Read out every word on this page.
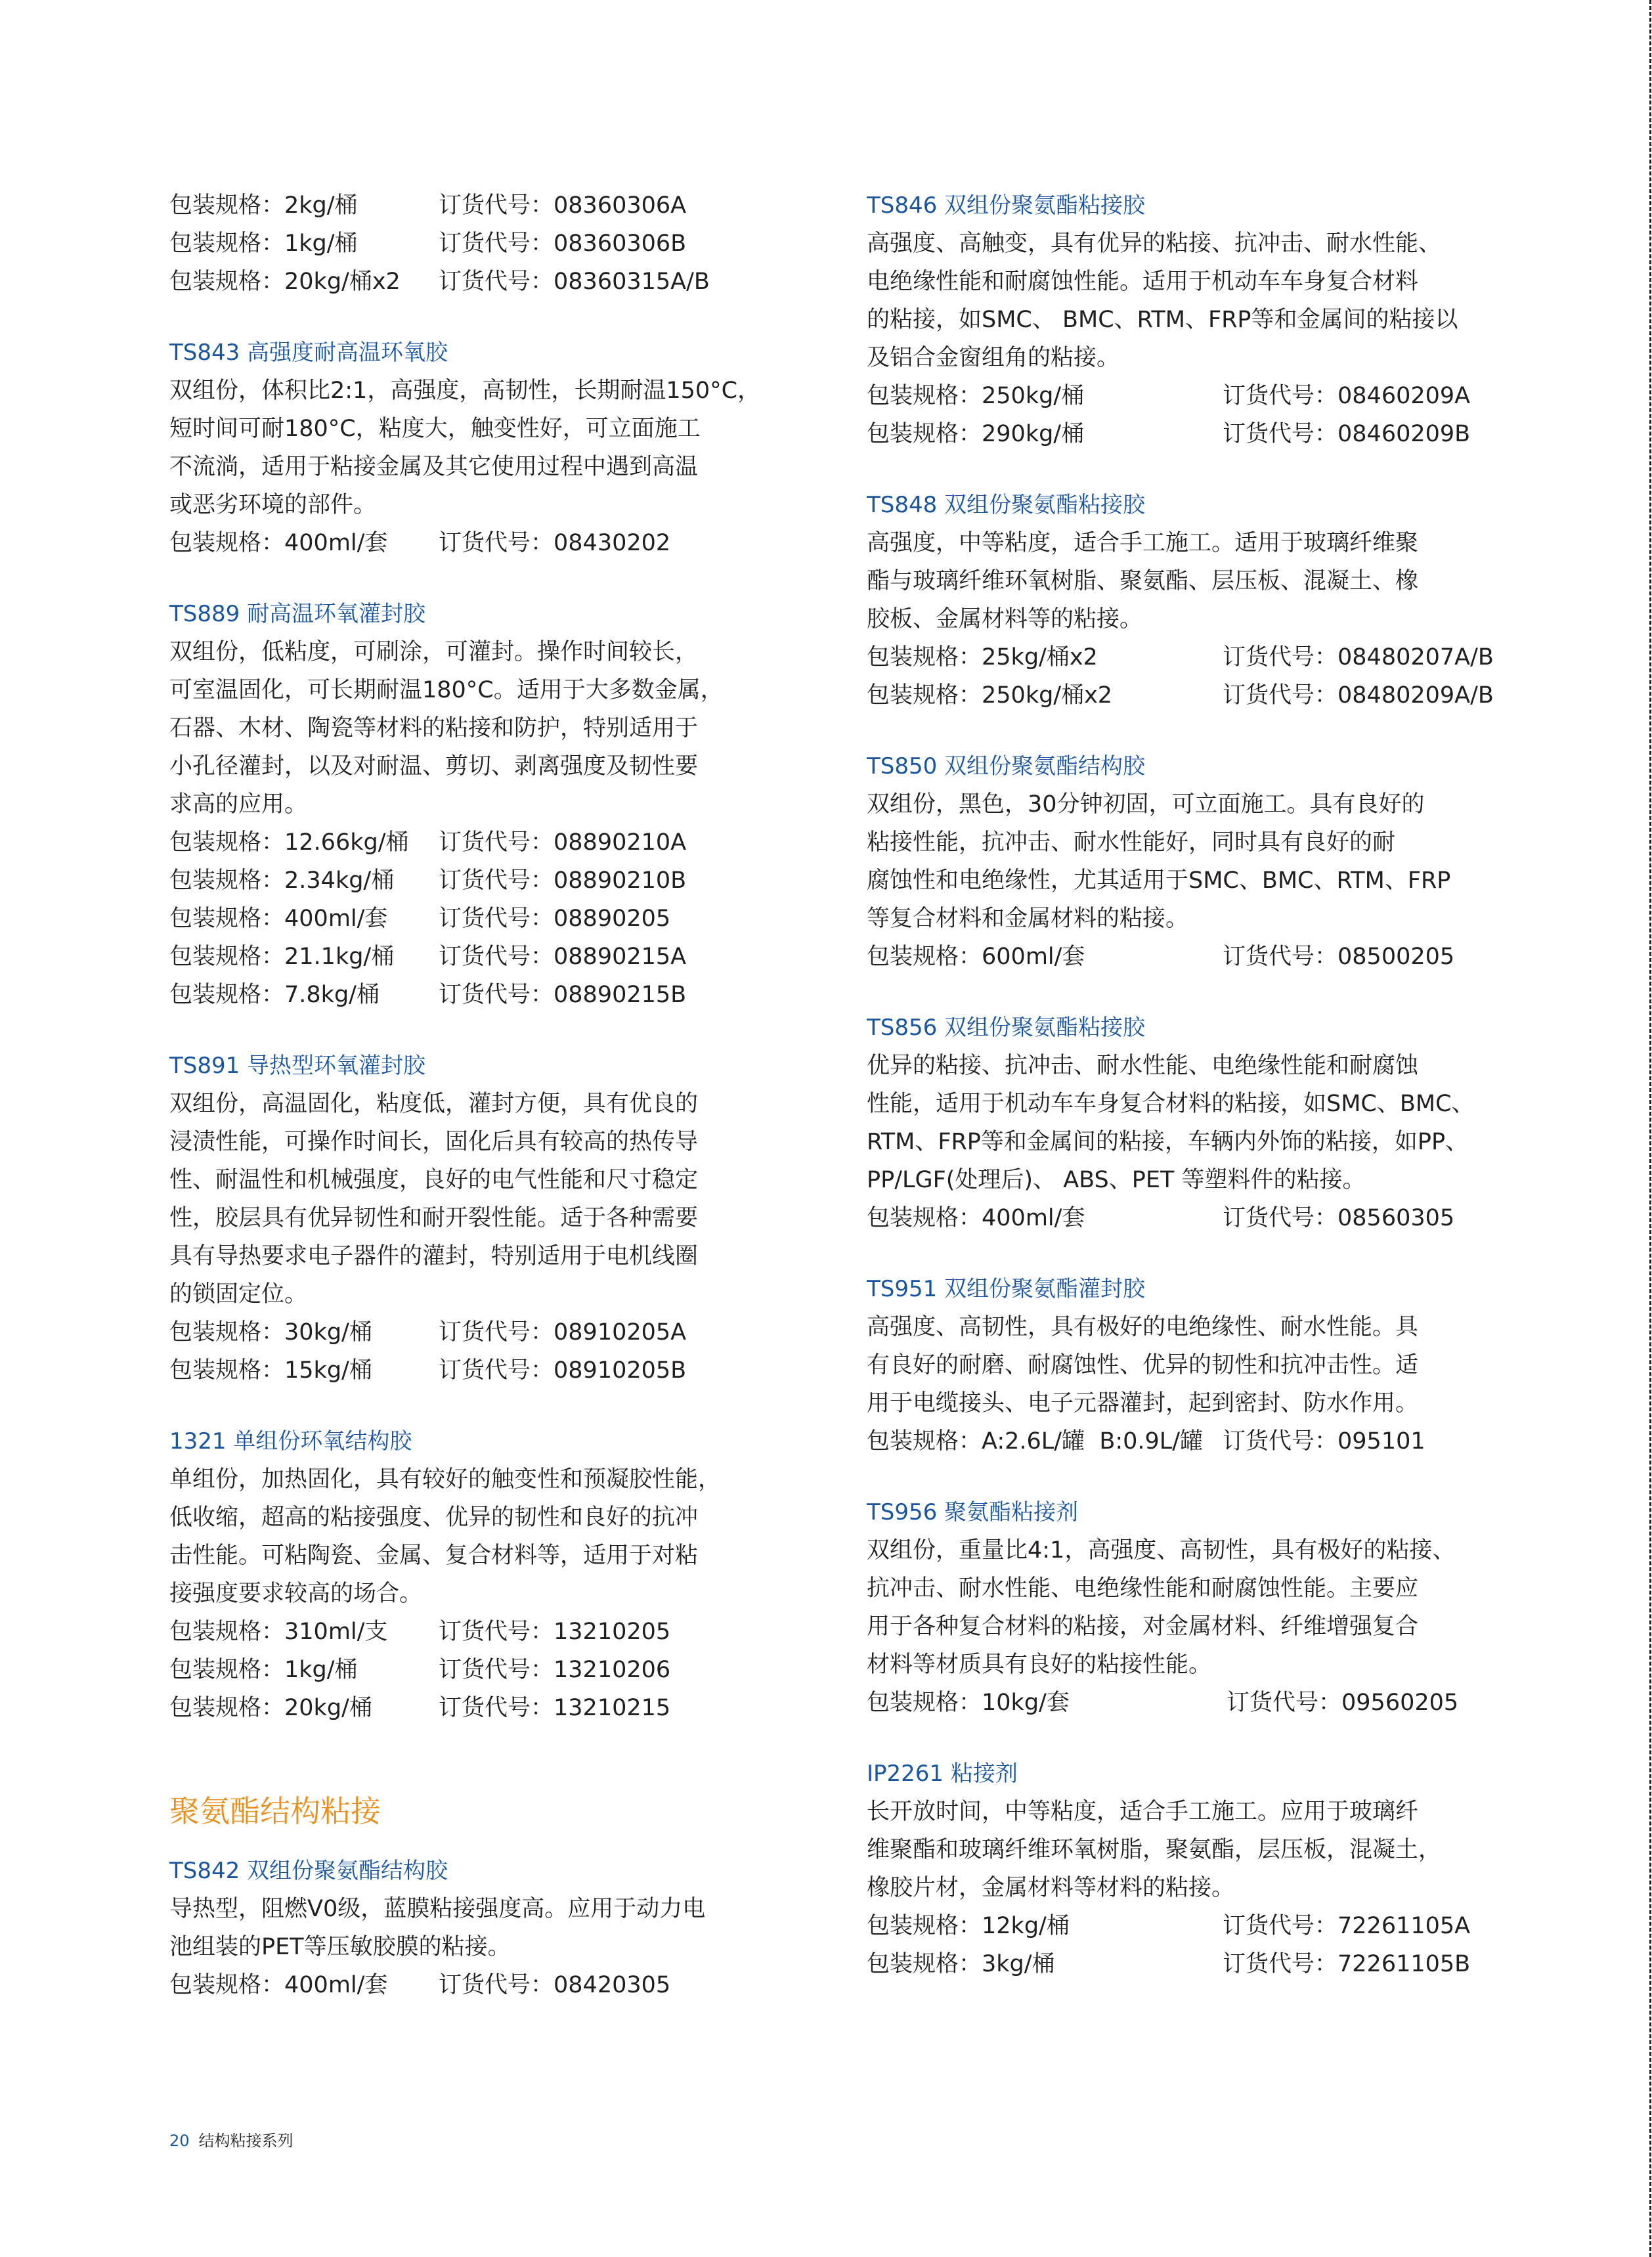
包装规格：2kg/桶	订货代号：08360306A
包装规格：1kg/桶	订货代号：08360306B
包装规格：20kg/桶x2 订货代号：08360315A/B
TS843 高强度耐高温环氧胶
双组份，体积比2:1，高强度，高韧性，长期耐温150°C，
短时间可耐180°C，粘度大，触变性好，可立面施工
不流淌，适用于粘接金属及其它使用过程中遇到高温
或恶劣环境的部件。
包装规格：400ml/套 订货代号：08430202
TS889 耐高温环氧灌封胶
双组份，低粘度，可刷涂，可灌封。操作时间较长，
可室温固化，可长期耐温180°C。适用于大多数金属，
石器、木材、陶瓷等材料的粘接和防护，特别适用于
小孔径灌封，以及对耐温、剪切、剥离强度及韧性要
求高的应用。
包装规格：12.66kg/桶 订货代号：08890210A
包装规格：2.34kg/桶 订货代号：08890210B
包装规格：400ml/套 订货代号：08890205
包装规格：21.1kg/桶 订货代号：08890215A
包装规格：7.8kg/桶	订货代号：08890215B
TS891 导热型环氧灌封胶
双组份，高温固化，粘度低，灌封方便，具有优良的
浸渍性能，可操作时间长，固化后具有较高的热传导
性、耐温性和机械强度，良好的电气性能和尺寸稳定
性，胶层具有优异韧性和耐开裂性能。适于各种需要
具有导热要求电子器件的灌封，特别适用于电机线圈
的锁固定位。
包装规格：30kg/桶	订货代号：08910205A
包装规格：15kg/桶	订货代号：08910205B
1321 单组份环氧结构胶
单组份，加热固化，具有较好的触变性和预凝胶性能，
低收缩，超高的粘接强度、优异的韧性和良好的抗冲
击性能。可粘陶瓷、金属、复合材料等，适用于对粘
接强度要求较高的场合。
包装规格：310ml/支 订货代号：13210205
包装规格：1kg/桶	订货代号：13210206
包装规格：20kg/桶	订货代号：13210215
聚氨酯结构粘接
TS842 双组份聚氨酯结构胶
导热型，阻燃V0级，蓝膜粘接强度高。应用于动力电
池组装的PET等压敏胶膜的粘接。
包装规格：400ml/套 订货代号：08420305
TS846 双组份聚氨酯粘接胶
高强度、高触变，具有优异的粘接、抗冲击、耐水性能、
电绝缘性能和耐腐蚀性能。适用于机动车车身复合材料
的粘接，如SMC、 BMC、RTM、FRP等和金属间的粘接以
及铝合金窗组角的粘接。
包装规格：250kg/桶	订货代号：08460209A
包装规格：290kg/桶	订货代号：08460209B
TS848 双组份聚氨酯粘接胶
高强度，中等粘度，适合手工施工。适用于玻璃纤维聚
酯与玻璃纤维环氧树脂、聚氨酯、层压板、混凝土、橡
胶板、金属材料等的粘接。
包装规格：25kg/桶x2	订货代号：08480207A/B
包装规格：250kg/桶x2	订货代号：08480209A/B
TS850 双组份聚氨酯结构胶
双组份，黑色，30分钟初固，可立面施工。具有良好的
粘接性能，抗冲击、耐水性能好，同时具有良好的耐
腐蚀性和电绝缘性，尤其适用于SMC、BMC、RTM、FRP
等复合材料和金属材料的粘接。
包装规格：600ml/套	订货代号：08500205
TS856 双组份聚氨酯粘接胶
优异的粘接、抗冲击、耐水性能、电绝缘性能和耐腐蚀
性能，适用于机动车车身复合材料的粘接，如SMC、BMC、
RTM、FRP等和金属间的粘接，车辆内外饰的粘接，如PP、
PP/LGF(处理后)、 ABS、PET 等塑料件的粘接。
包装规格：400ml/套	订货代号：08560305
TS951 双组份聚氨酯灌封胶
高强度、高韧性，具有极好的电绝缘性、耐水性能。具
有良好的耐磨、耐腐蚀性、优异的韧性和抗冲击性。适
用于电缆接头、电子元器灌封，起到密封、防水作用。
包装规格：A:2.6L/罐  B:0.9L/罐 订货代号：095101
TS956 聚氨酯粘接剂
双组份，重量比4:1，高强度、高韧性，具有极好的粘接、
抗冲击、耐水性能、电绝缘性能和耐腐蚀性能。主要应
用于各种复合材料的粘接，对金属材料、纤维增强复合
材料等材质具有良好的粘接性能。
包装规格：10kg/套	订货代号：09560205
IP2261 粘接剂
长开放时间，中等粘度，适合手工施工。应用于玻璃纤
维聚酯和玻璃纤维环氧树脂，聚氨酯，层压板，混凝土，
橡胶片材，金属材料等材料的粘接。
包装规格：12kg/桶	订货代号：72261105A
包装规格：3kg/桶	订货代号：72261105B
20 结构粘接系列
